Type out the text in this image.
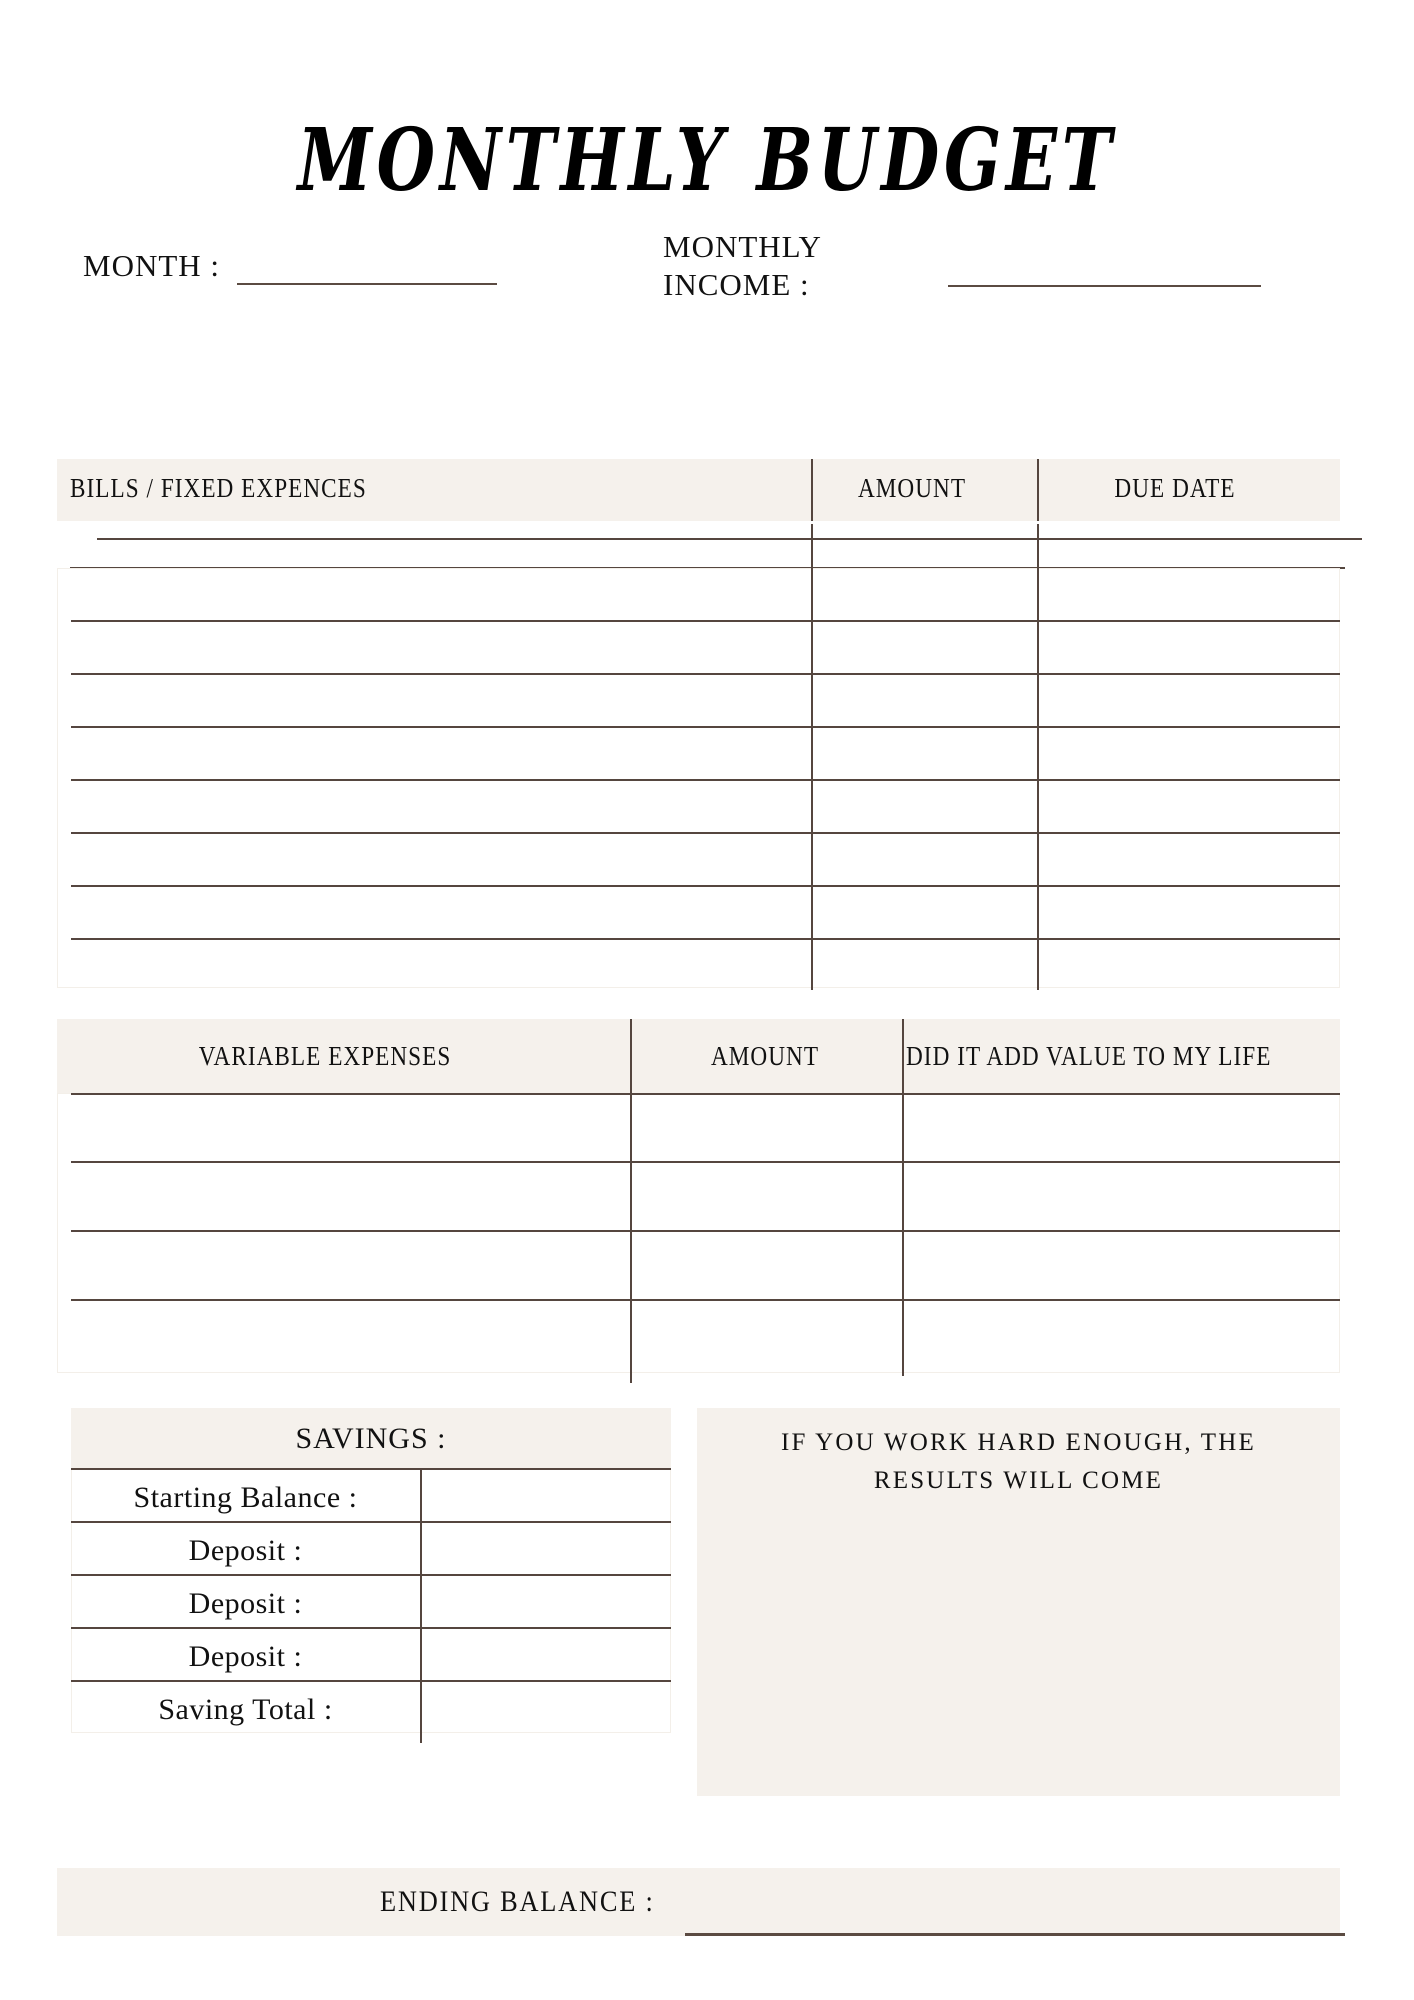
MONTHLY BUDGET
MONTH :
MONTHLY
INCOME :
BILLS / FIXED EXPENCES	AMOUNT	DUE DATE
VARIABLE EXPENSES	AMOUNT	DID IT ADD VALUE TO MY LIFE
SAVINGS :
Starting Balance :
Deposit :
Deposit :
Deposit :
Saving Total :
IF YOU WORK HARD ENOUGH, THE
RESULTS WILL COME
ENDING BALANCE :
